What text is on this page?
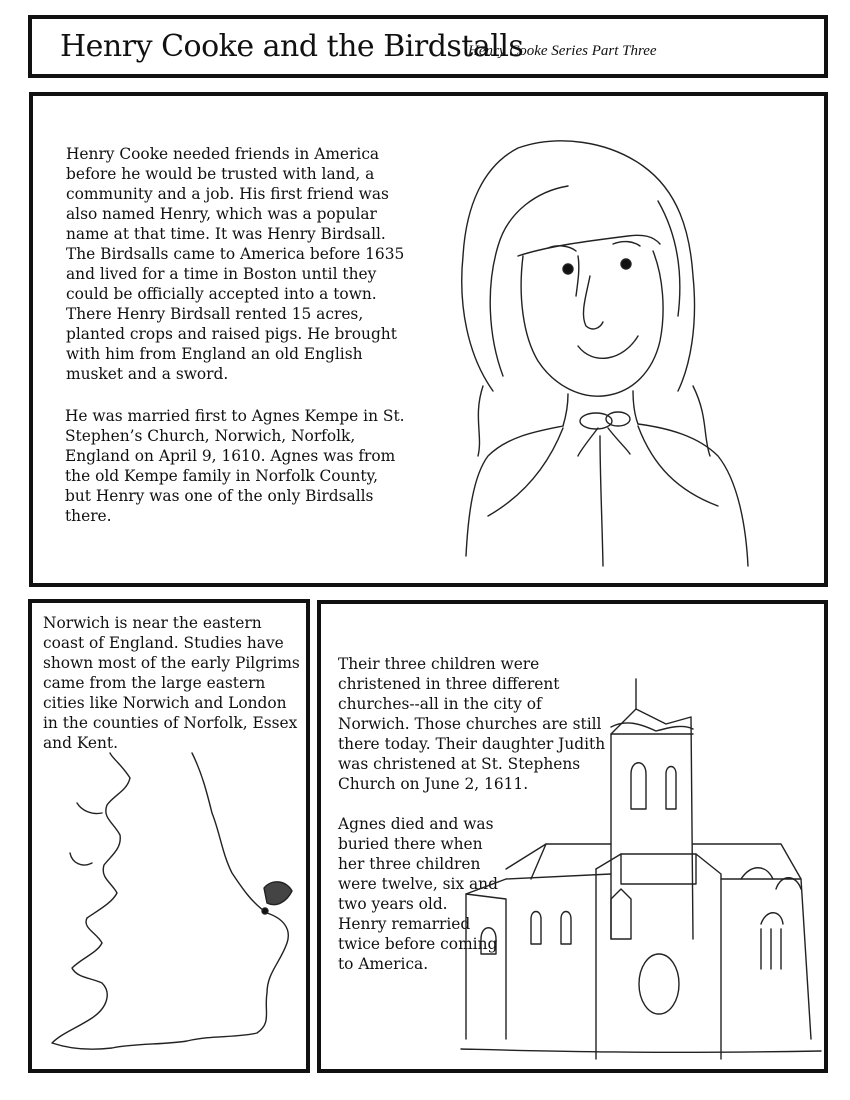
Henry Cooke and the Birdstalls
Henry Cooke Series Part Three
Henry Cooke needed friends in America before he would be trusted with land, a community and a job. His first friend was also named Henry, which was a popular name at that time. It was Henry Birdsall. The Birdsalls came to America before 1635 and lived for a time in Boston until they could be officially accepted into a town. There Henry Birdsall rented 15 acres, planted crops and raised pigs. He brought with him from England an old English musket and a sword.
He was married first to Agnes Kempe in St. Stephen’s Church, Norwich, Norfolk, England on April 9, 1610. Agnes was from the old Kempe family in Norfolk County, but Henry was one of the only Birdsalls there.
Norwich is near the eastern coast of England. Studies have shown most of the early Pilgrims came from the large eastern cities like Norwich and London in the counties of Norfolk, Essex and Kent.
Their three children were christened in three different churches--all in the city of Norwich. Those churches are still there today. Their daughter Judith was christened at St. Stephens Church on June 2, 1611.
Agnes died and was buried there when her three children were twelve, six and two years old. Henry remarried twice before coming to America.
